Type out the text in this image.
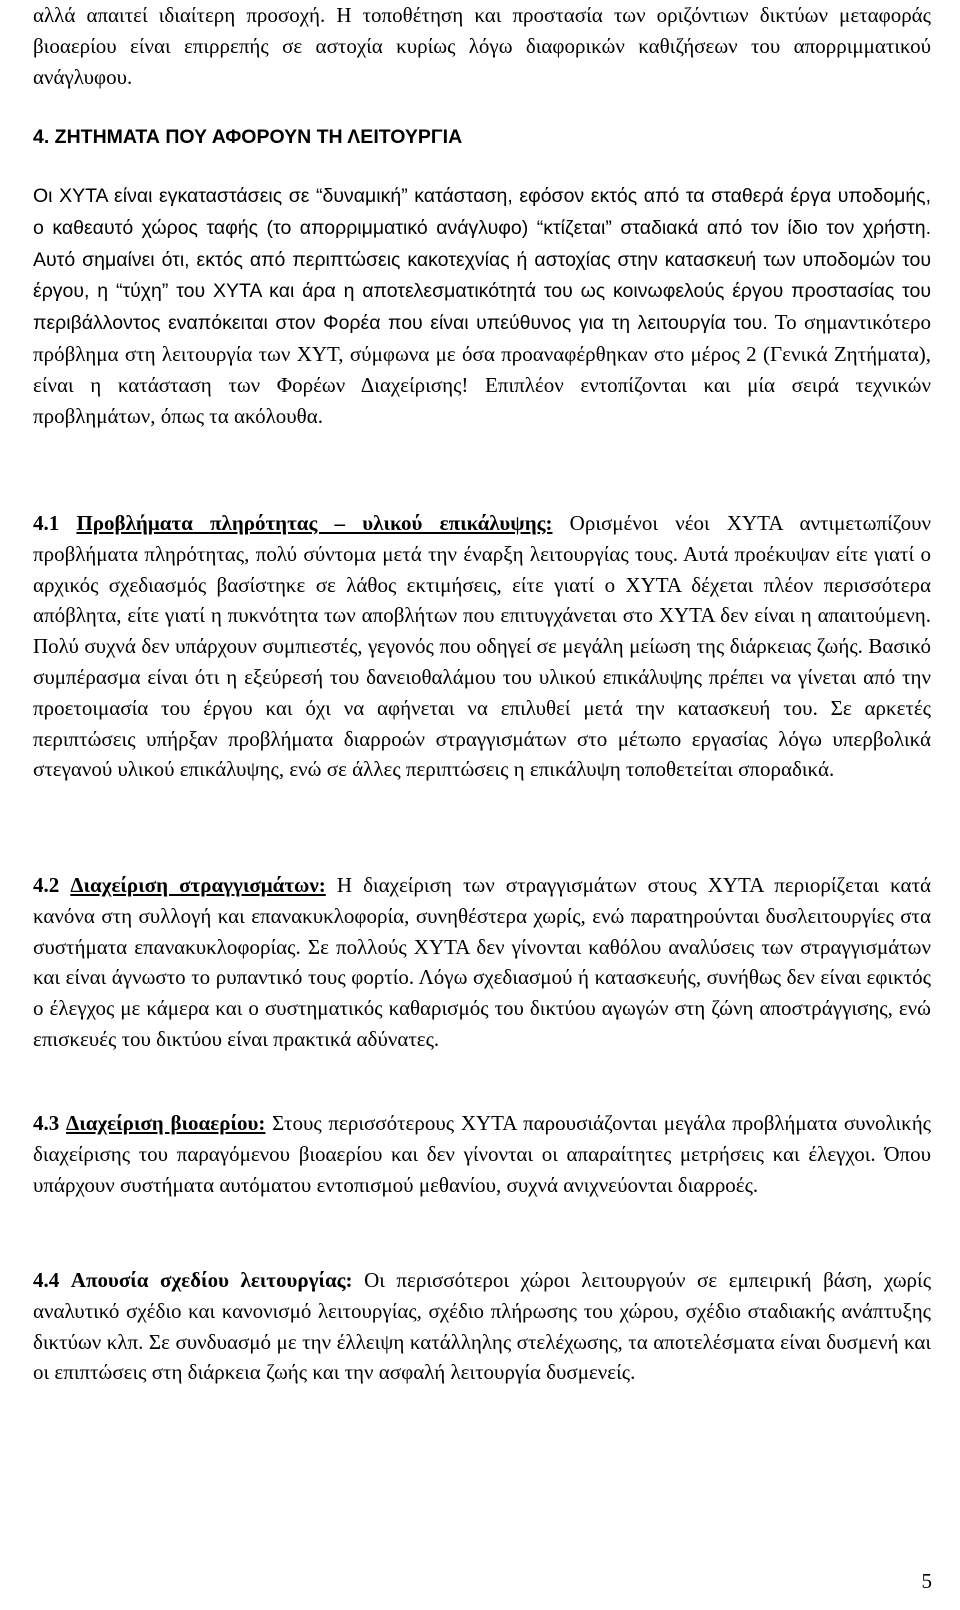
αλλά απαιτεί ιδιαίτερη προσοχή. Η τοποθέτηση και προστασία των οριζόντιων δικτύων μεταφοράς βιοαερίου είναι επιρρεπής σε αστοχία κυρίως λόγω διαφορικών καθιζήσεων του απορριμματικού ανάγλυφου.

4. ΖΗΤΗΜΑΤΑ ΠΟΥ ΑΦΟΡΟΥΝ ΤΗ ΛΕΙΤΟΥΡΓΙΑ

Οι ΧΥΤΑ είναι εγκαταστάσεις σε “δυναμική” κατάσταση, εφόσον εκτός από τα σταθερά έργα υποδομής, ο καθεαυτό χώρος ταφής (το απορριμματικό ανάγλυφο) “κτίζεται” σταδιακά από τον ίδιο τον χρήστη. Αυτό σημαίνει ότι, εκτός από περιπτώσεις κακοτεχνίας ή αστοχίας στην κατασκευή των υποδομών του έργου, η “τύχη” του ΧΥΤΑ και άρα η αποτελεσματικότητά του ως κοινωφελούς έργου προστασίας του περιβάλλοντος εναπόκειται στον Φορέα που είναι υπεύθυνος για τη λειτουργία του. Το σημαντικότερο πρόβλημα στη λειτουργία των ΧΥΤ, σύμφωνα με όσα προαναφέρθηκαν στο μέρος 2 (Γενικά Ζητήματα), είναι η κατάσταση των Φορέων Διαχείρισης! Επιπλέον εντοπίζονται και μία σειρά τεχνικών προβλημάτων, όπως τα ακόλουθα.

4.1 Προβλήματα πληρότητας – υλικού επικάλυψης: Ορισμένοι νέοι ΧΥΤΑ αντιμετωπίζουν προβλήματα πληρότητας, πολύ σύντομα μετά την έναρξη λειτουργίας τους. Αυτά προέκυψαν είτε γιατί ο αρχικός σχεδιασμός βασίστηκε σε λάθος εκτιμήσεις, είτε γιατί ο ΧΥΤΑ δέχεται πλέον περισσότερα απόβλητα, είτε γιατί η πυκνότητα των αποβλήτων που επιτυγχάνεται στο ΧΥΤΑ δεν είναι η απαιτούμενη. Πολύ συχνά δεν υπάρχουν συμπιεστές, γεγονός που οδηγεί σε μεγάλη μείωση της διάρκειας ζωής. Βασικό συμπέρασμα είναι ότι η εξεύρεσή του δανειοθαλάμου του υλικού επικάλυψης πρέπει να γίνεται από την προετοιμασία του έργου και όχι να αφήνεται να επιλυθεί μετά την κατασκευή του. Σε αρκετές περιπτώσεις υπήρξαν προβλήματα διαρροών στραγγισμάτων στο μέτωπο εργασίας λόγω υπερβολικά στεγανού υλικού επικάλυψης, ενώ σε άλλες περιπτώσεις η επικάλυψη τοποθετείται σποραδικά.

4.2 Διαχείριση στραγγισμάτων: Η διαχείριση των στραγγισμάτων στους ΧΥΤΑ περιορίζεται κατά κανόνα στη συλλογή και επανακυκλοφορία, συνηθέστερα χωρίς, ενώ παρατηρούνται δυσλειτουργίες στα συστήματα επανακυκλοφορίας. Σε πολλούς ΧΥΤΑ δεν γίνονται καθόλου αναλύσεις των στραγγισμάτων και είναι άγνωστο το ρυπαντικό τους φορτίο. Λόγω σχεδιασμού ή κατασκευής, συνήθως δεν είναι εφικτός ο έλεγχος με κάμερα και ο συστηματικός καθαρισμός του δικτύου αγωγών στη ζώνη αποστράγγισης, ενώ επισκευές του δικτύου είναι πρακτικά αδύνατες.

4.3 Διαχείριση βιοαερίου: Στους περισσότερους ΧΥΤΑ παρουσιάζονται μεγάλα προβλήματα συνολικής διαχείρισης του παραγόμενου βιοαερίου και δεν γίνονται οι απαραίτητες μετρήσεις και έλεγχοι. Όπου υπάρχουν συστήματα αυτόματου εντοπισμού μεθανίου, συχνά ανιχνεύονται διαρροές.

4.4 Απουσία σχεδίου λειτουργίας: Οι περισσότεροι χώροι λειτουργούν σε εμπειρική βάση, χωρίς αναλυτικό σχέδιο και κανονισμό λειτουργίας, σχέδιο πλήρωσης του χώρου, σχέδιο σταδιακής ανάπτυξης δικτύων κλπ. Σε συνδυασμό με την έλλειψη κατάλληλης στελέχωσης, τα αποτελέσματα είναι δυσμενή και οι επιπτώσεις στη διάρκεια ζωής και την ασφαλή λειτουργία δυσμενείς.

5
